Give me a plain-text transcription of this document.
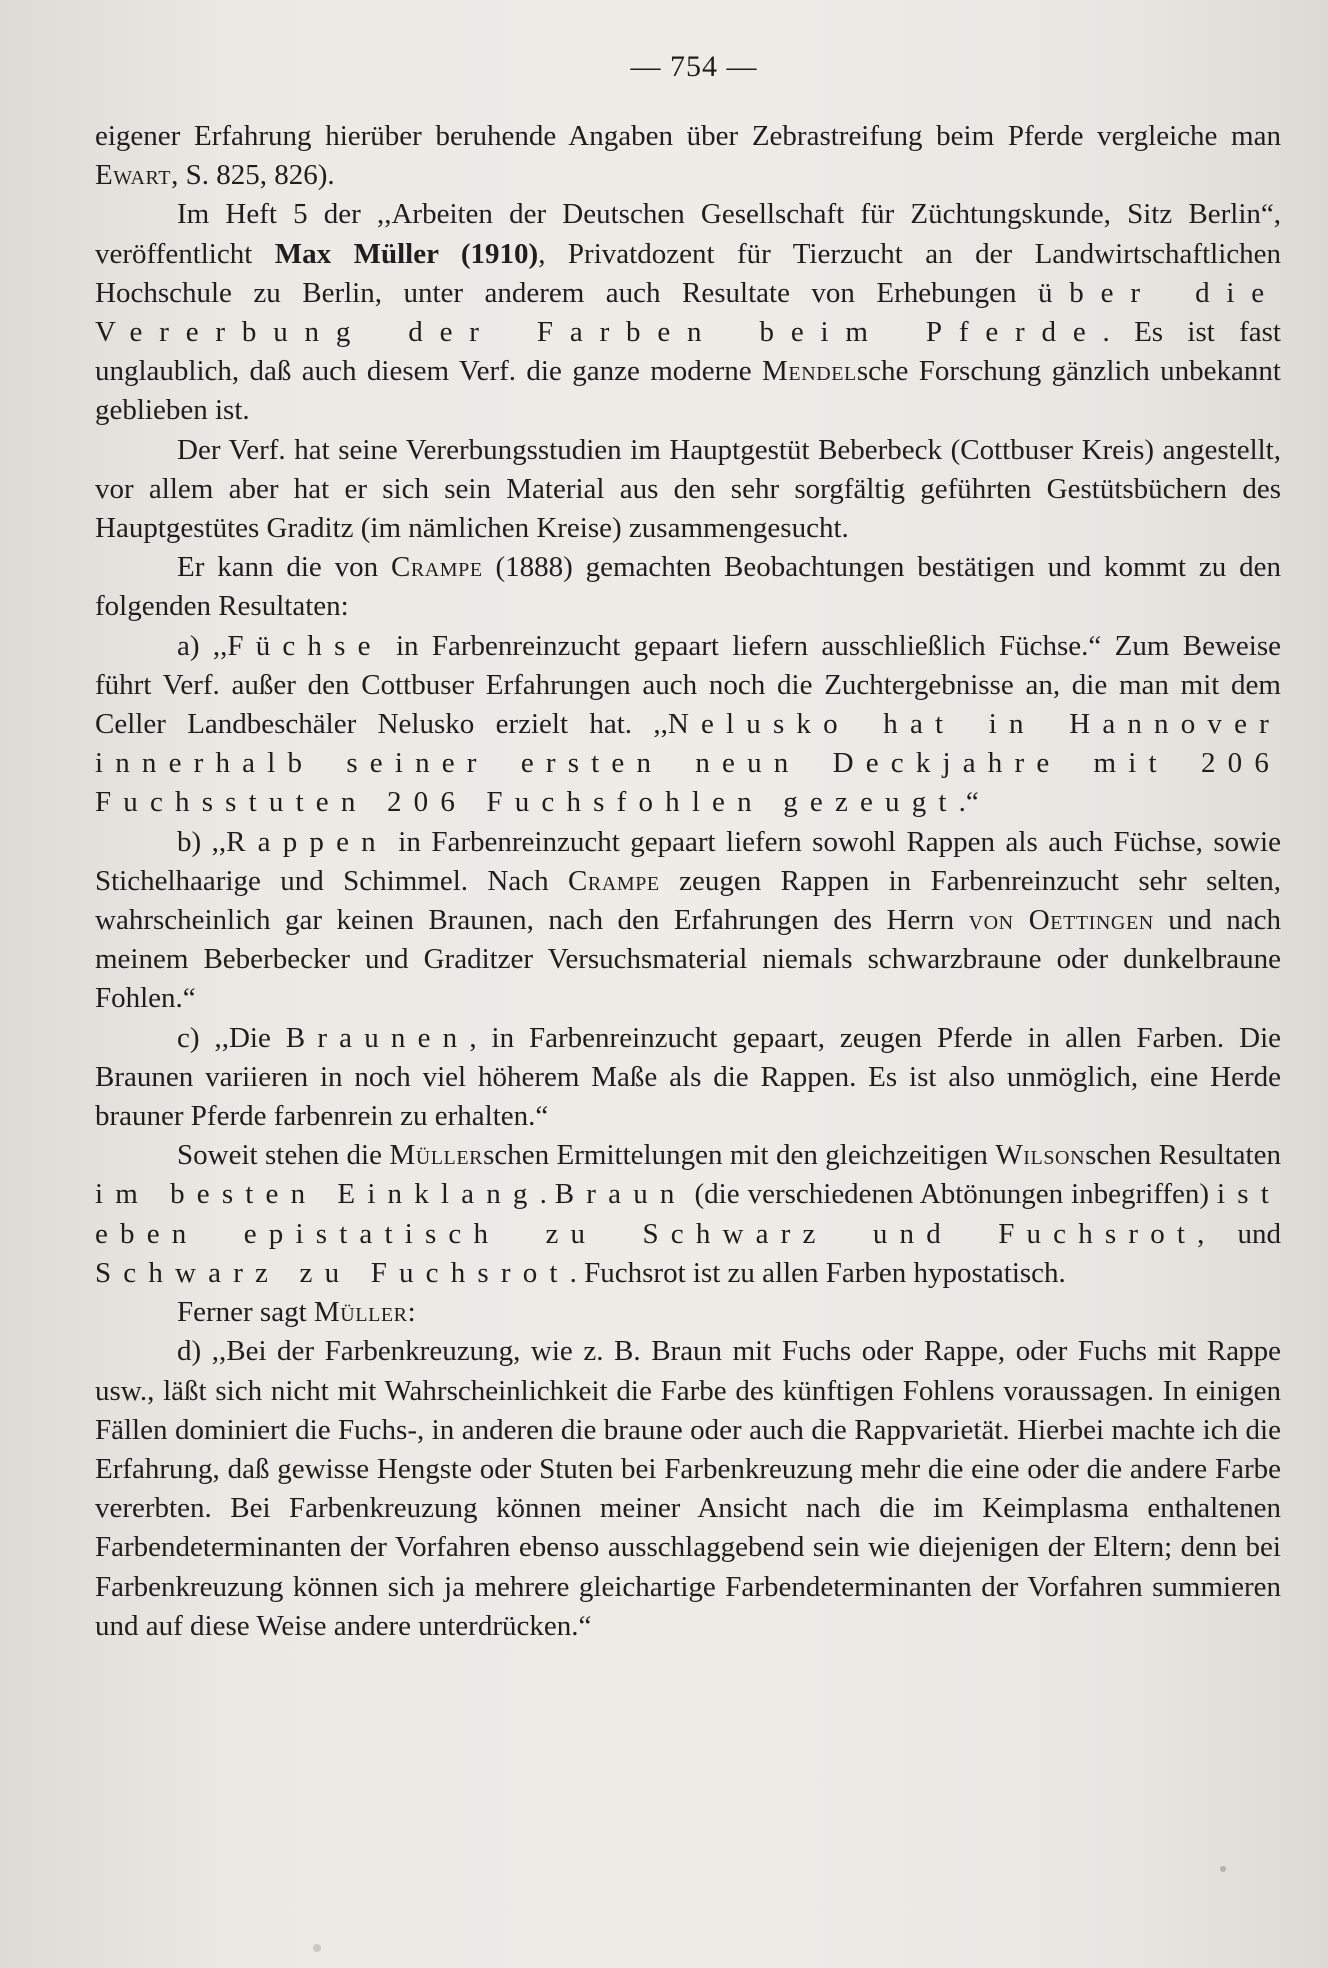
— 754 —

eigener Erfahrung hierüber beruhende Angaben über Zebrastreifung beim Pferde vergleiche man Ewart, S. 825, 826).

Im Heft 5 der ,,Arbeiten der Deutschen Gesellschaft für Züchtungskunde, Sitz Berlin“, veröffentlicht Max Müller (1910), Privatdozent für Tierzucht an der Landwirtschaftlichen Hochschule zu Berlin, unter anderem auch Resultate von Erhebungen über die Vererbung der Farben beim Pferde. Es ist fast unglaublich, daß auch diesem Verf. die ganze moderne Mendelsche Forschung gänzlich unbekannt geblieben ist.

Der Verf. hat seine Vererbungsstudien im Hauptgestüt Beberbeck (Cottbuser Kreis) angestellt, vor allem aber hat er sich sein Material aus den sehr sorgfältig geführten Gestütsbüchern des Hauptgestütes Graditz (im nämlichen Kreise) zusammengesucht.

Er kann die von Crampe (1888) gemachten Beobachtungen bestätigen und kommt zu den folgenden Resultaten:

a) ,,Füchse in Farbenreinzucht gepaart liefern ausschließlich Füchse.“ Zum Beweise führt Verf. außer den Cottbuser Erfahrungen auch noch die Zuchtergebnisse an, die man mit dem Celler Landbeschäler Nelusko erzielt hat. ,,Nelusko hat in Hannover innerhalb seiner ersten neun Deckjahre mit 206 Fuchsstuten 206 Fuchsfohlen gezeugt.“

b) ,,Rappen in Farbenreinzucht gepaart liefern sowohl Rappen als auch Füchse, sowie Stichelhaarige und Schimmel. Nach Crampe zeugen Rappen in Farbenreinzucht sehr selten, wahrscheinlich gar keinen Braunen, nach den Erfahrungen des Herrn von Oettingen und nach meinem Beberbecker und Graditzer Versuchsmaterial niemals schwarzbraune oder dunkelbraune Fohlen.“

c) ,,Die Braunen, in Farbenreinzucht gepaart, zeugen Pferde in allen Farben. Die Braunen variieren in noch viel höherem Maße als die Rappen. Es ist also unmöglich, eine Herde brauner Pferde farbenrein zu erhalten.“

Soweit stehen die Müllerschen Ermittelungen mit den gleichzeitigen Wilsonschen Resultaten im besten Einklang. Braun (die verschiedenen Abtönungen inbegriffen) ist eben epistatisch zu Schwarz und Fuchsrot, und Schwarz zu Fuchsrot. Fuchsrot ist zu allen Farben hypostatisch.

Ferner sagt Müller:

d) ,,Bei der Farbenkreuzung, wie z. B. Braun mit Fuchs oder Rappe, oder Fuchs mit Rappe usw., läßt sich nicht mit Wahrscheinlichkeit die Farbe des künftigen Fohlens voraussagen. In einigen Fällen dominiert die Fuchs-, in anderen die braune oder auch die Rappvarietät. Hierbei machte ich die Erfahrung, daß gewisse Hengste oder Stuten bei Farbenkreuzung mehr die eine oder die andere Farbe vererbten. Bei Farbenkreuzung können meiner Ansicht nach die im Keimplasma enthaltenen Farbendeterminanten der Vorfahren ebenso ausschlaggebend sein wie diejenigen der Eltern; denn bei Farbenkreuzung können sich ja mehrere gleichartige Farbendeterminanten der Vorfahren summieren und auf diese Weise andere unterdrücken.“
